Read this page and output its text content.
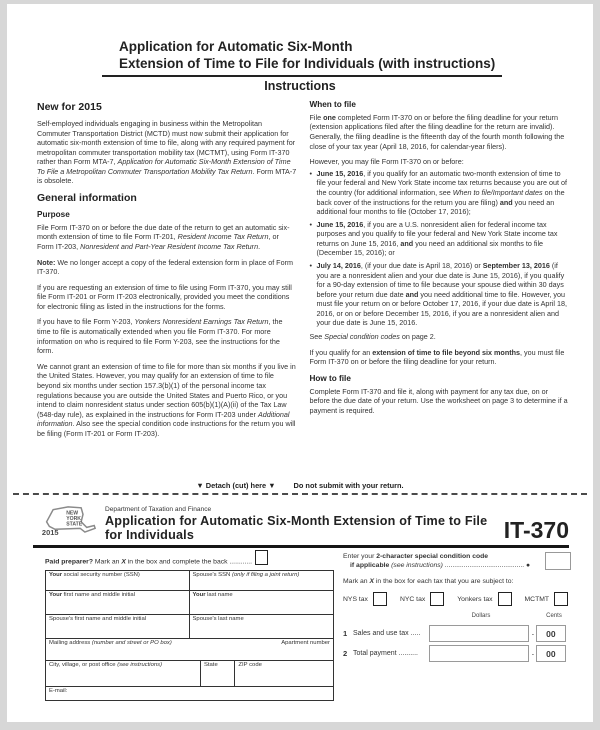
Application for Automatic Six-Month
Extension of Time to File for Individuals (with instructions)
Instructions
New for 2015

Self-employed individuals engaging in business within the Metropolitan Commuter Transportation District (MCTD) must now submit their application for automatic six-month extension of time to file, along with any required payment for metropolitan commuter transportation mobility tax (MCTMT), using Form IT-370 rather than Form MTA-7, Application for Automatic Six-Month Extension of Time To File a Metropolitan Commuter Transportation Mobility Tax Return. Form MTA-7 is obsolete.

General information
Purpose

File Form IT-370 on or before the due date of the return to get an automatic six-month extension of time to file Form IT-201, Resident Income Tax Return, or Form IT-203, Nonresident and Part-Year Resident Income Tax Return.

Note: We no longer accept a copy of the federal extension form in place of Form IT-370.

If you are requesting an extension of time to file using Form IT-370, you may still file Form IT-201 or Form IT-203 electronically, provided you meet the conditions for electronic filing as listed in the instructions for the forms.

If you have to file Form Y-203, Yonkers Nonresident Earnings Tax Return, the time to file is automatically extended when you file Form IT-370. For more information on who is required to file Form Y-203, see the instructions for the form.

We cannot grant an extension of time to file for more than six months if you live in the United States. However, you may qualify for an extension of time to file beyond six months under section 157.3(b)(1) of the personal income tax regulations because you are outside the United States and Puerto Rico, or you intend to claim nonresident status under section 605(b)(1)(A)(ii) of the Tax Law (548-day rule), as explained in the instructions for Form IT-203 under Additional information. Also see the special condition code instructions for the return you will be filing (Form IT-201 or Form IT-203).

When to file

File one completed Form IT-370 on or before the filing deadline for your return (extension applications filed after the filing deadline for the return are invalid). Generally, the filing deadline is the fifteenth day of the fourth month following the close of your tax year (April 18, 2016, for calendar-year filers).

However, you may file Form IT-370 on or before:

• June 15, 2016, if you qualify for an automatic two-month extension of time to file your federal and New York State income tax returns because you are out of the country (for additional information, see When to file/Important dates on the back cover of the instructions for the return you are filing) and you need an additional four months to file (October 17, 2016);
• June 15, 2016, if you are a U.S. nonresident alien for federal income tax purposes and you qualify to file your federal and New York State income tax returns on June 15, 2016, and you need an additional six months to file (December 15, 2016); or
• July 14, 2016, (if your due date is April 18, 2016) or September 13, 2016 (if you are a nonresident alien and your due date is June 15, 2016), if you qualify for a 90-day extension of time to file because your spouse died within 30 days before your return due date and you need additional time to file. However, you must file your return on or before October 17, 2016, if your due date is April 18, 2016, or on or before December 15, 2016, if you are a nonresident alien and your due date is June 15, 2016.

See Special condition codes on page 2.

If you qualify for an extension of time to file beyond six months, you must file Form IT-370 on or before the filing deadline for your return.

How to file

Complete Form IT-370 and file it, along with payment for any tax due, on or before the due date of your return. Use the worksheet on page 3 to determine if a payment is required.

▼ Detach (cut) here ▼ Do not submit with your return.
NEW
YORK
STATE
2015
Department of Taxation and Finance
Application for Automatic Six-Month Extension of Time to File for Individuals	IT-370
Paid preparer? Mark an X in the box and complete the back ............
Your social security number (SSN)	Spouse's SSN (only if filing a joint return)
Your first name and middle initial	Your last name
Spouse's first name and middle initial	Spouse's last name
Mailing address (number and street or PO box)	Apartment number
City, village, or post office (see instructions)	State	ZIP code
E-mail:
Enter your 2-character special condition code
if applicable (see instructions) .......................................... ●
Mark an X in the box for each tax that you are subject to:
NYS tax	NYC tax	Yonkers tax	MCTMT
Dollars	Cents
1 Sales and use tax .....	.	00
2 Total payment ..........	.	00
